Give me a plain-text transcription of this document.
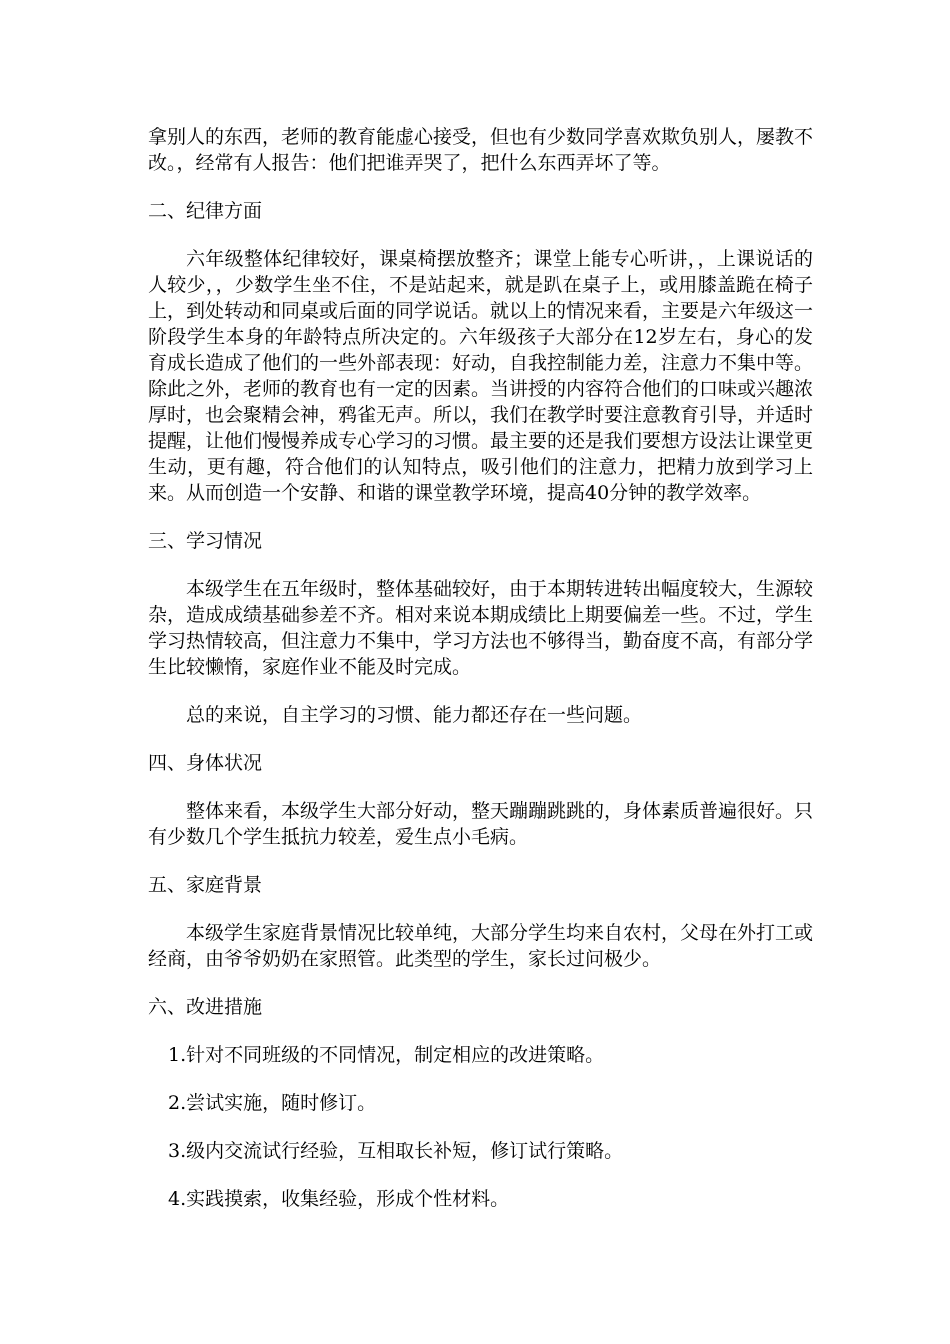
拿别人的东西，老师的教育能虚心接受，但也有少数同学喜欢欺负别人，屡教不改。，经常有人报告：他们把谁弄哭了，把什么东西弄坏了等。

二、纪律方面

六年级整体纪律较好，课桌椅摆放整齐；课堂上能专心听讲，，上课说话的人较少，，少数学生坐不住，不是站起来，就是趴在桌子上，或用膝盖跪在椅子上，到处转动和同桌或后面的同学说话。就以上的情况来看，主要是六年级这一阶段学生本身的年龄特点所决定的。六年级孩子大部分在12岁左右，身心的发育成长造成了他们的一些外部表现：好动，自我控制能力差，注意力不集中等。除此之外，老师的教育也有一定的因素。当讲授的内容符合他们的口味或兴趣浓厚时，也会聚精会神，鸦雀无声。所以，我们在教学时要注意教育引导，并适时提醒，让他们慢慢养成专心学习的习惯。最主要的还是我们要想方设法让课堂更生动，更有趣，符合他们的认知特点，吸引他们的注意力，把精力放到学习上来。从而创造一个安静、和谐的课堂教学环境，提高40分钟的教学效率。

三、学习情况

本级学生在五年级时，整体基础较好，由于本期转进转出幅度较大，生源较杂，造成成绩基础参差不齐。相对来说本期成绩比上期要偏差一些。不过，学生学习热情较高，但注意力不集中，学习方法也不够得当，勤奋度不高，有部分学生比较懒惰，家庭作业不能及时完成。

总的来说，自主学习的习惯、能力都还存在一些问题。

四、身体状况

整体来看，本级学生大部分好动，整天蹦蹦跳跳的，身体素质普遍很好。只有少数几个学生抵抗力较差，爱生点小毛病。

五、家庭背景

本级学生家庭背景情况比较单纯，大部分学生均来自农村，父母在外打工或经商，由爷爷奶奶在家照管。此类型的学生，家长过问极少。

六、改进措施

1.针对不同班级的不同情况，制定相应的改进策略。

2.尝试实施，随时修订。

3.级内交流试行经验，互相取长补短，修订试行策略。

4.实践摸索，收集经验，形成个性材料。
